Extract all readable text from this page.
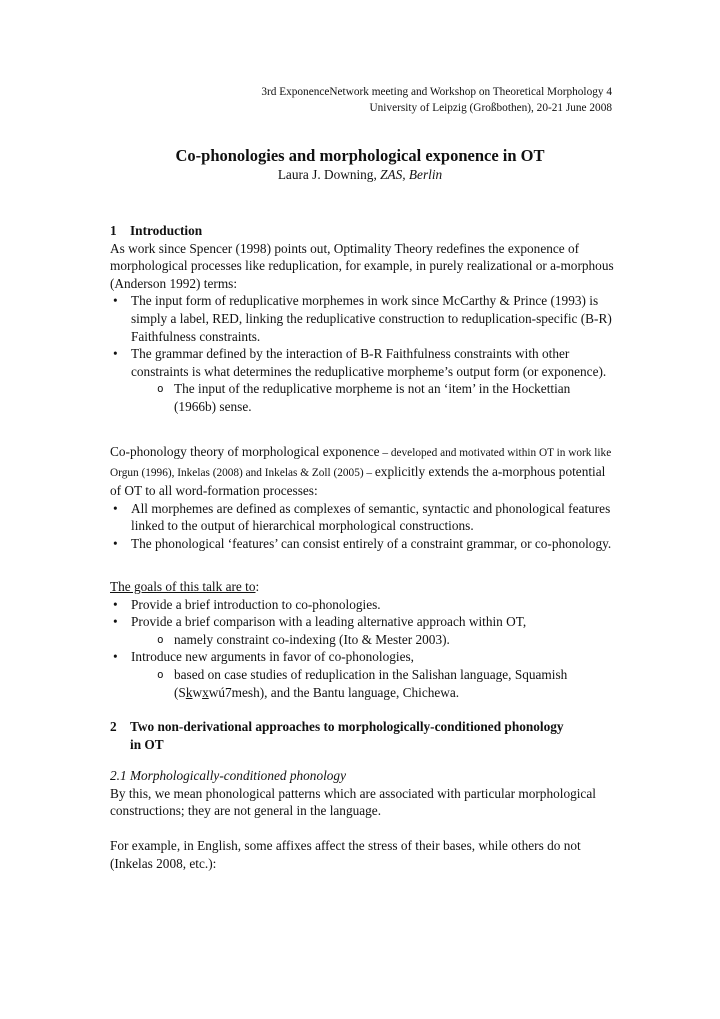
3rd ExponenceNetwork meeting and Workshop on Theoretical Morphology 4
University of Leipzig (Großbothen), 20-21 June 2008
Co-phonologies and morphological exponence in OT
Laura J. Downing, ZAS, Berlin
1	Introduction

As work since Spencer (1998) points out, Optimality Theory redefines the exponence of morphological processes like reduplication, for example, in purely realizational or a-morphous (Anderson 1992) terms:

• The input form of reduplicative morphemes in work since McCarthy & Prince (1993) is simply a label, RED, linking the reduplicative construction to reduplication-specific (B-R) Faithfulness constraints.
• The grammar defined by the interaction of B-R Faithfulness constraints with other constraints is what determines the reduplicative morpheme’s output form (or exponence).
o The input of the reduplicative morpheme is not an ‘item’ in the Hockettian (1966b) sense.

Co-phonology theory of morphological exponence – developed and motivated within OT in work like Orgun (1996), Inkelas (2008) and Inkelas & Zoll (2005) – explicitly extends the a-morphous potential of OT to all word-formation processes:

• All morphemes are defined as complexes of semantic, syntactic and phonological features linked to the output of hierarchical morphological constructions.
• The phonological ‘features’ can consist entirely of a constraint grammar, or co-phonology.

The goals of this talk are to:

• Provide a brief introduction to co-phonologies.
• Provide a brief comparison with a leading alternative approach within OT,
o namely constraint co-indexing (Ito & Mester 2003).
• Introduce new arguments in favor of co-phonologies,
o based on case studies of reduplication in the Salishan language, Squamish (Skwxwú7mesh), and the Bantu language, Chichewa.
2	Two non-derivational approaches to morphologically-conditioned phonology
in OT

2.1 Morphologically-conditioned phonology

By this, we mean phonological patterns which are associated with particular morphological constructions; they are not general in the language.

For example, in English, some affixes affect the stress of their bases, while others do not (Inkelas 2008, etc.):
